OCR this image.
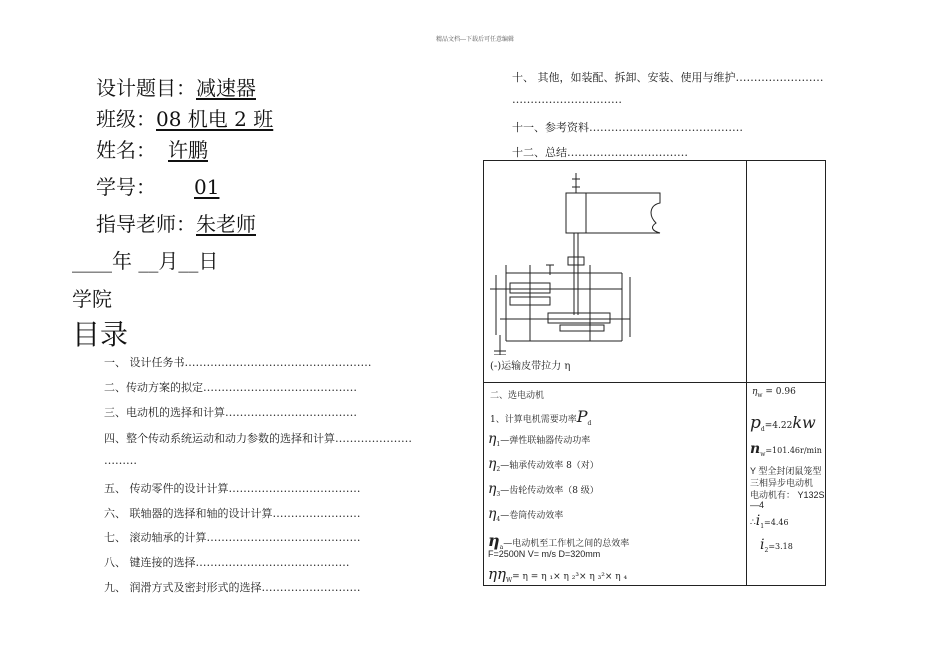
精品文档---下载后可任意编辑
设计题目：减速器
班级：08 机电 2 班
姓名： 许鹏
学号： 01
指导老师：朱老师
____年 __月__日
学院
目录
一、 设计任务书……………………………………………
二、传动方案的拟定……………………………………
三、电动机的选择和计算………………………………
四、整个传动系统运动和动力参数的选择和计算…………………
………
五、 传动零件的设计计算………………………………
六、 联轴器的选择和轴的设计计算……………………
七、 滚动轴承的计算……………………………………
八、 键连接的选择……………………………………
九、 润滑方式及密封形式的选择………………………
十、 其他，如装配、拆卸、安装、使用与维护……………………
…………………………
十一、参考资料……………………………………
十二、总结……………………………
(-)运输皮带拉力 η
二、选电动机
1、计算电机需要功率$P_d$
$\eta_1—$弹性联轴器传动功率
$\eta_2—$轴承传动效率 8（对）
$\eta_3—$齿轮传动效率（8 级）
$\eta_4—$卷筒传动效率
$\eta_a—$电动机至工作机之间的总效率
F=2500N V= m/s D=320mm
$\eta\eta_W= \eta = \eta$ ₁× η ₂³× η ₃²× η ₄
$\eta_w = 0.96$
$p_d=4.22kw$
$n_w=101.46r/\min$
Y 型全封闭鼠笼型
三相异步电动机
电动机有： Y132S
—4
$\therefore i_1=4.46$
$i_2=3.18$
